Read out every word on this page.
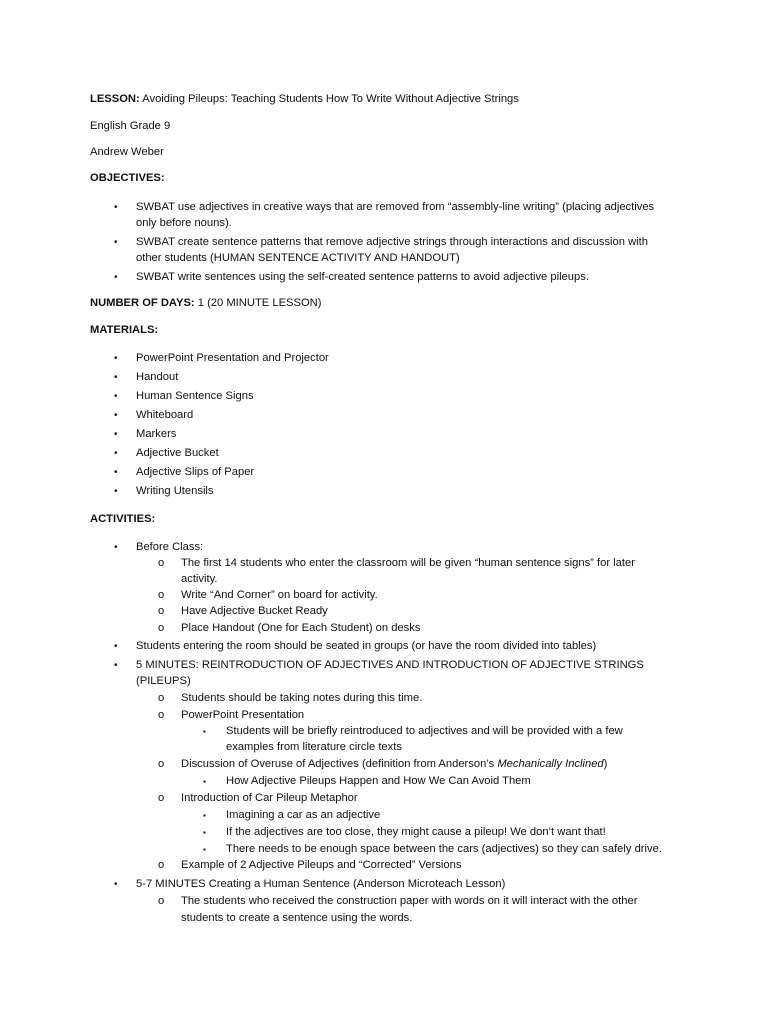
LESSON: Avoiding Pileups: Teaching Students How To Write Without Adjective Strings
English Grade 9
Andrew Weber
OBJECTIVES:
• SWBAT use adjectives in creative ways that are removed from “assembly-line writing” (placing adjectives
only before nouns).
• SWBAT create sentence patterns that remove adjective strings through interactions and discussion with
other students (HUMAN SENTENCE ACTIVITY AND HANDOUT)
• SWBAT write sentences using the self-created sentence patterns to avoid adjective pileups.
NUMBER OF DAYS: 1 (20 MINUTE LESSON)
MATERIALS:
• PowerPoint Presentation and Projector
• Handout
• Human Sentence Signs
• Whiteboard
• Markers
• Adjective Bucket
• Adjective Slips of Paper
• Writing Utensils
ACTIVITIES:
• Before Class:
o The first 14 students who enter the classroom will be given “human sentence signs” for later
activity.
o Write “And Corner” on board for activity.
o Have Adjective Bucket Ready
o Place Handout (One for Each Student) on desks
• Students entering the room should be seated in groups (or have the room divided into tables)
• 5 MINUTES: REINTRODUCTION OF ADJECTIVES AND INTRODUCTION OF ADJECTIVE STRINGS
(PILEUPS)
o Students should be taking notes during this time.
o PowerPoint Presentation
▪ Students will be briefly reintroduced to adjectives and will be provided with a few
examples from literature circle texts
o Discussion of Overuse of Adjectives (definition from Anderson’s Mechanically Inclined)
▪ How Adjective Pileups Happen and How We Can Avoid Them
o Introduction of Car Pileup Metaphor
▪ Imagining a car as an adjective
▪ If the adjectives are too close, they might cause a pileup! We don’t want that!
▪ There needs to be enough space between the cars (adjectives) so they can safely drive.
o Example of 2 Adjective Pileups and “Corrected” Versions
• 5-7 MINUTES Creating a Human Sentence (Anderson Microteach Lesson)
o The students who received the construction paper with words on it will interact with the other
students to create a sentence using the words.
